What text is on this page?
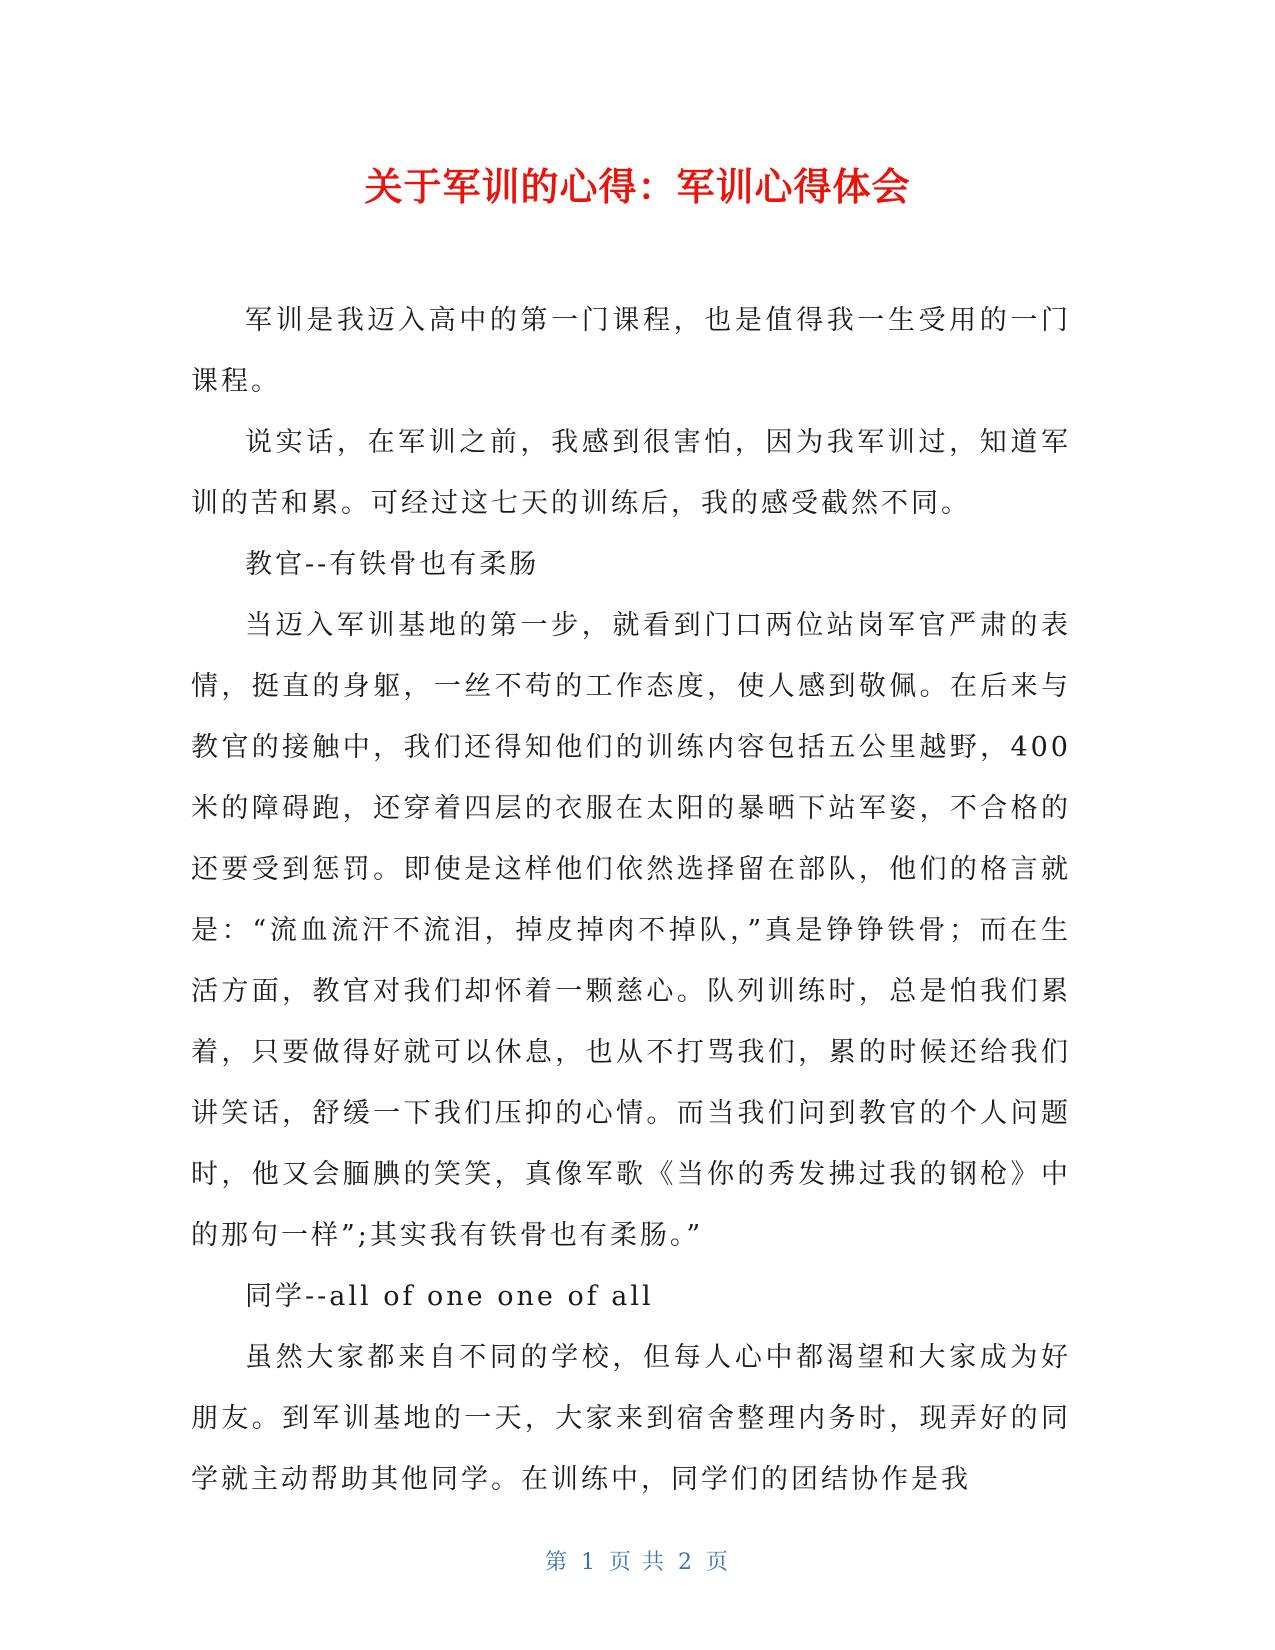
关于军训的心得：军训心得体会

军训是我迈入高中的第一门课程，也是值得我一生受用的一门课程。

说实话，在军训之前，我感到很害怕，因为我军训过，知道军训的苦和累。可经过这七天的训练后，我的感受截然不同。

教官--有铁骨也有柔肠

当迈入军训基地的第一步，就看到门口两位站岗军官严肃的表情，挺直的身躯，一丝不苟的工作态度，使人感到敬佩。在后来与教官的接触中，我们还得知他们的训练内容包括五公里越野，400米的障碍跑，还穿着四层的衣服在太阳的暴晒下站军姿，不合格的还要受到惩罚。即使是这样他们依然选择留在部队，他们的格言就是：“流血流汗不流泪，掉皮掉肉不掉队，”真是铮铮铁骨；而在生活方面，教官对我们却怀着一颗慈心。队列训练时，总是怕我们累着，只要做得好就可以休息，也从不打骂我们，累的时候还给我们讲笑话，舒缓一下我们压抑的心情。而当我们问到教官的个人问题时，他又会腼腆的笑笑，真像军歌《当你的秀发拂过我的钢枪》中的那句一样”;其实我有铁骨也有柔肠。”

同学--all of one one of all

虽然大家都来自不同的学校，但每人心中都渴望和大家成为好朋友。到军训基地的一天，大家来到宿舍整理内务时，现弄好的同学就主动帮助其他同学。在训练中，同学们的团结协作是我

第 1 页 共 2 页
